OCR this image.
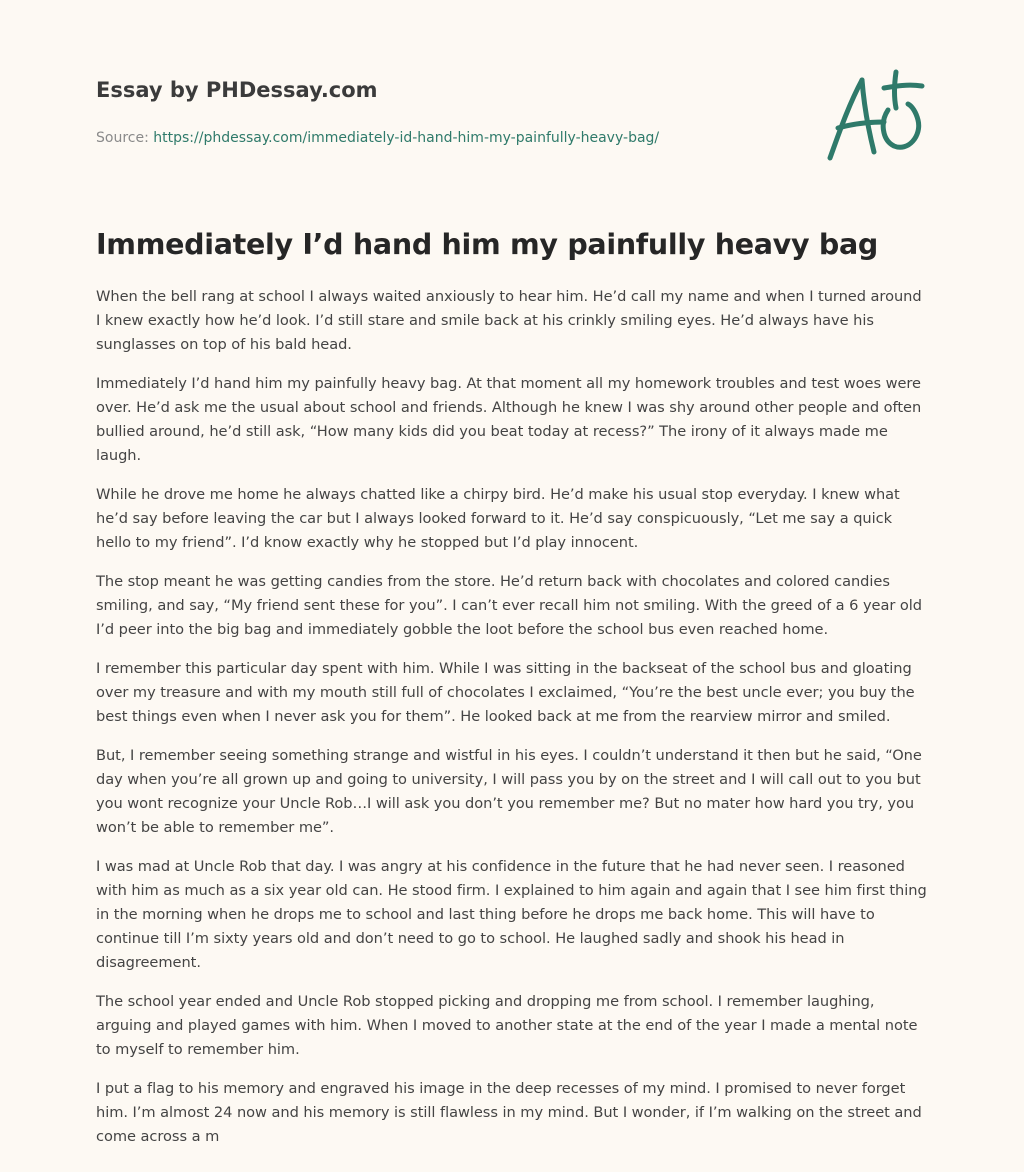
Essay by PHDessay.com
Source: https://phdessay.com/immediately-id-hand-him-my-painfully-heavy-bag/
Immediately I’d hand him my painfully heavy bag

When the bell rang at school I always waited anxiously to hear him. He’d call my name and when I turned around I knew exactly how he’d look. I’d still stare and smile back at his crinkly smiling eyes. He’d always have his sunglasses on top of his bald head.

Immediately I’d hand him my painfully heavy bag. At that moment all my homework troubles and test woes were over. He’d ask me the usual about school and friends. Although he knew I was shy around other people and often bullied around, he’d still ask, “How many kids did you beat today at recess?” The irony of it always made me laugh.

While he drove me home he always chatted like a chirpy bird. He’d make his usual stop everyday. I knew what he’d say before leaving the car but I always looked forward to it. He’d say conspicuously, “Let me say a quick hello to my friend”. I’d know exactly why he stopped but I’d play innocent.

The stop meant he was getting candies from the store. He’d return back with chocolates and colored candies smiling, and say, “My friend sent these for you”. I can’t ever recall him not smiling. With the greed of a 6 year old I’d peer into the big bag and immediately gobble the loot before the school bus even reached home.

I remember this particular day spent with him. While I was sitting in the backseat of the school bus and gloating over my treasure and with my mouth still full of chocolates I exclaimed, “You’re the best uncle ever; you buy the best things even when I never ask you for them”. He looked back at me from the rearview mirror and smiled.

But, I remember seeing something strange and wistful in his eyes. I couldn’t understand it then but he said, “One day when you’re all grown up and going to university, I will pass you by on the street and I will call out to you but you wont recognize your Uncle Rob…I will ask you don’t you remember me? But no mater how hard you try, you won’t be able to remember me”.

I was mad at Uncle Rob that day. I was angry at his confidence in the future that he had never seen. I reasoned with him as much as a six year old can. He stood firm. I explained to him again and again that I see him first thing in the morning when he drops me to school and last thing before he drops me back home. This will have to continue till I’m sixty years old and don’t need to go to school. He laughed sadly and shook his head in disagreement.

The school year ended and Uncle Rob stopped picking and dropping me from school. I remember laughing, arguing and played games with him. When I moved to another state at the end of the year I made a mental note to myself to remember him.

I put a flag to his memory and engraved his image in the deep recesses of my mind. I promised to never forget him. I’m almost 24 now and his memory is still flawless in my mind. But I wonder, if I’m walking on the street and come across a m
